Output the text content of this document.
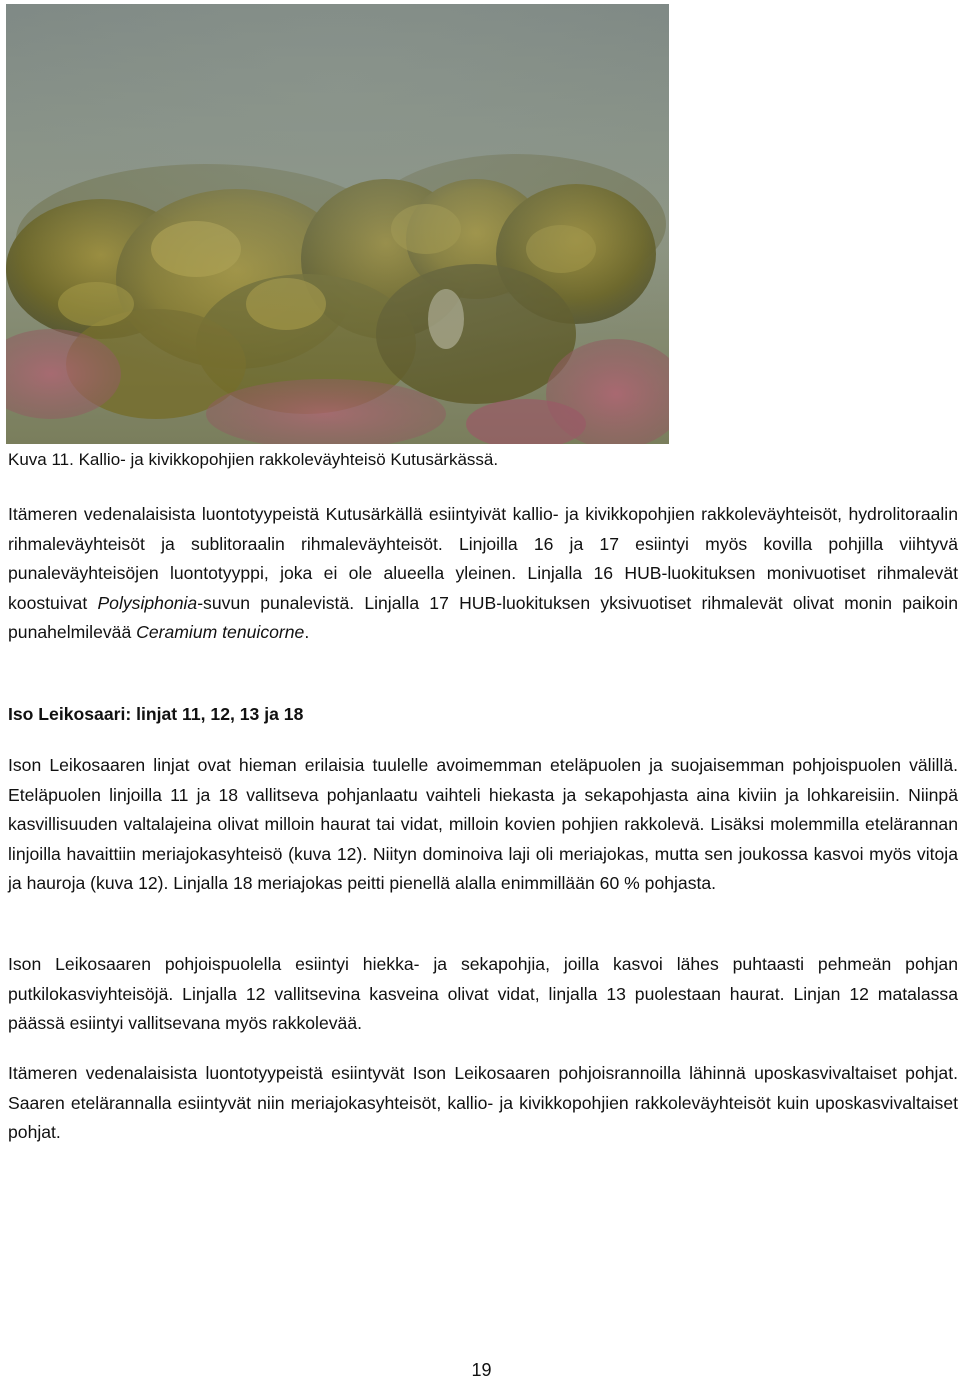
Kuva 11. Kallio- ja kivikkopohjien rakkoleväyhteisö Kutusärkässä.

Itämeren vedenalaisista luontotyypeistä Kutusärkällä esiintyivät kallio- ja kivikkopohjien rakkoleväyhteisöt, hydrolitoraalin rihmaleväyhteisöt ja sublitoraalin rihmaleväyhteisöt. Linjoilla 16 ja 17 esiintyi myös kovilla pohjilla viihtyvä punaleväyhteisöjen luontotyyppi, joka ei ole alueella yleinen. Linjalla 16 HUB-luokituksen monivuotiset rihmalevät koostuivat Polysiphonia-suvun punalevistä. Linjalla 17 HUB-luokituksen yksivuotiset rihmalevät olivat monin paikoin punahelmilevää Ceramium tenuicorne.

Iso Leikosaari: linjat 11, 12, 13 ja 18

Ison Leikosaaren linjat ovat hieman erilaisia tuulelle avoimemman eteläpuolen ja suojaisemman pohjoispuolen välillä. Eteläpuolen linjoilla 11 ja 18 vallitseva pohjanlaatu vaihteli hiekasta ja sekapohjasta aina kiviin ja lohkareisiin. Niinpä kasvillisuuden valtalajeina olivat milloin haurat tai vidat, milloin kovien pohjien rakkolevä. Lisäksi molemmilla etelärannan linjoilla havaittiin meriajokasyhteisö (kuva 12). Niityn dominoiva laji oli meriajokas, mutta sen joukossa kasvoi myös vitoja ja hauroja (kuva 12). Linjalla 18 meriajokas peitti pienellä alalla enimmillään 60 % pohjasta.

Ison Leikosaaren pohjoispuolella esiintyi hiekka- ja sekapohjia, joilla kasvoi lähes puhtaasti pehmeän pohjan putkilokasviyhteisöjä. Linjalla 12 vallitsevina kasveina olivat vidat, linjalla 13 puolestaan haurat. Linjan 12 matalassa päässä esiintyi vallitsevana myös rakkolevää.

Itämeren vedenalaisista luontotyypeistä esiintyvät Ison Leikosaaren pohjoisrannoilla lähinnä uposkasvivaltaiset pohjat. Saaren etelärannalla esiintyvät niin meriajokasyhteisöt, kallio- ja kivikkopohjien rakkoleväyhteisöt kuin uposkasvivaltaiset pohjat.

19
